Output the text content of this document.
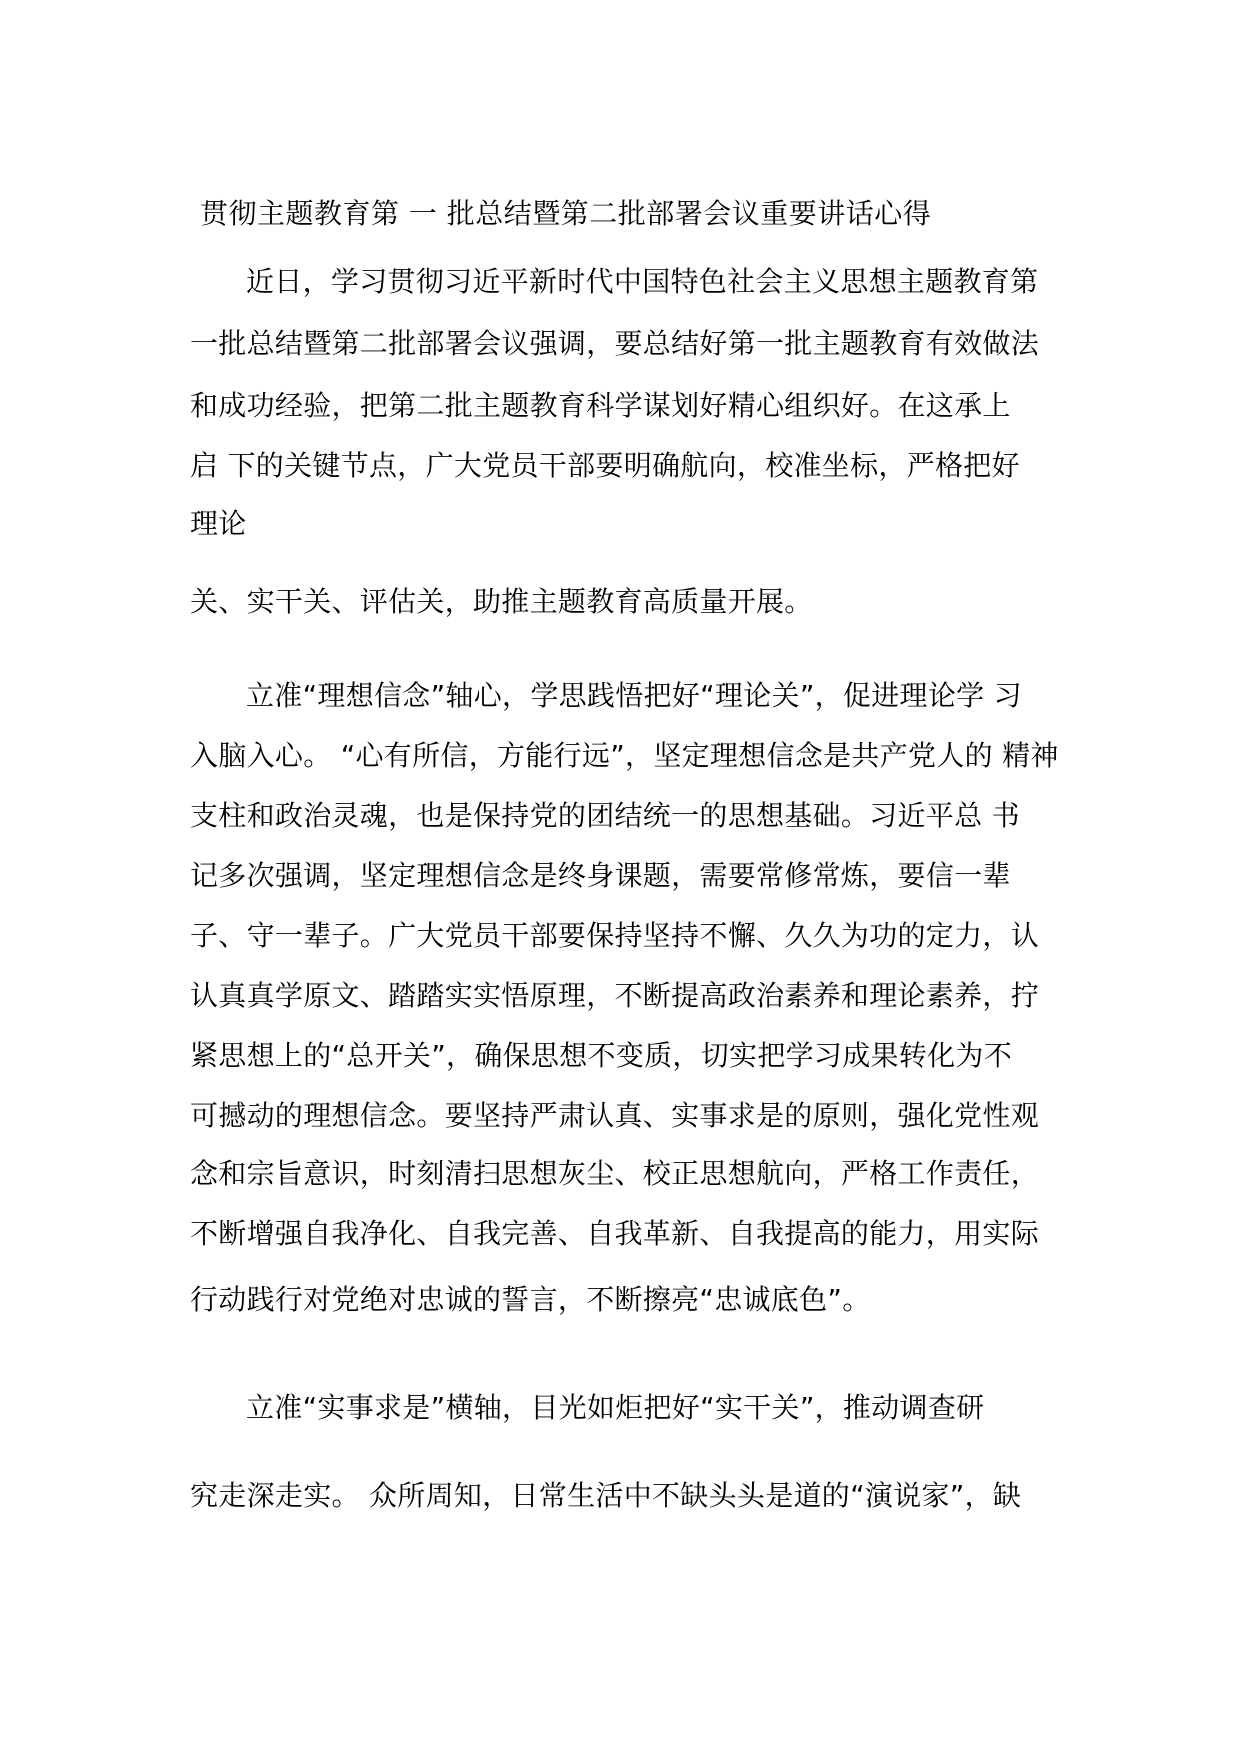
贯彻主题教育第 一 批总结暨第二批部署会议重要讲话心得
近日，学习贯彻习近平新时代中国特色社会主义思想主题教育第
一批总结暨第二批部署会议强调，要总结好第一批主题教育有效做法
和成功经验，把第二批主题教育科学谋划好精心组织好。在这承上
启 下的关键节点，广大党员干部要明确航向，校准坐标，严格把好
理论
关、实干关、评估关，助推主题教育高质量开展。
立准“理想信念”轴心，学思践悟把好“理论关”，促进理论学 习
入脑入心。 “心有所信，方能行远”，坚定理想信念是共产党人的 精神
支柱和政治灵魂，也是保持党的团结统一的思想基础。习近平总 书
记多次强调，坚定理想信念是终身课题，需要常修常炼，要信一辈
子、守一辈子。广大党员干部要保持坚持不懈、久久为功的定力，认
认真真学原文、踏踏实实悟原理，不断提高政治素养和理论素养，拧
紧思想上的“总开关”，确保思想不变质，切实把学习成果转化为不
可撼动的理想信念。要坚持严肃认真、实事求是的原则，强化党性观
念和宗旨意识，时刻清扫思想灰尘、校正思想航向，严格工作责任，
不断增强自我净化、自我完善、自我革新、自我提高的能力，用实际
行动践行对党绝对忠诚的誓言，不断擦亮“忠诚底色”。
立准“实事求是”横轴，目光如炬把好“实干关”，推动调查研
究走深走实。 众所周知，日常生活中不缺头头是道的“演说家”，缺
